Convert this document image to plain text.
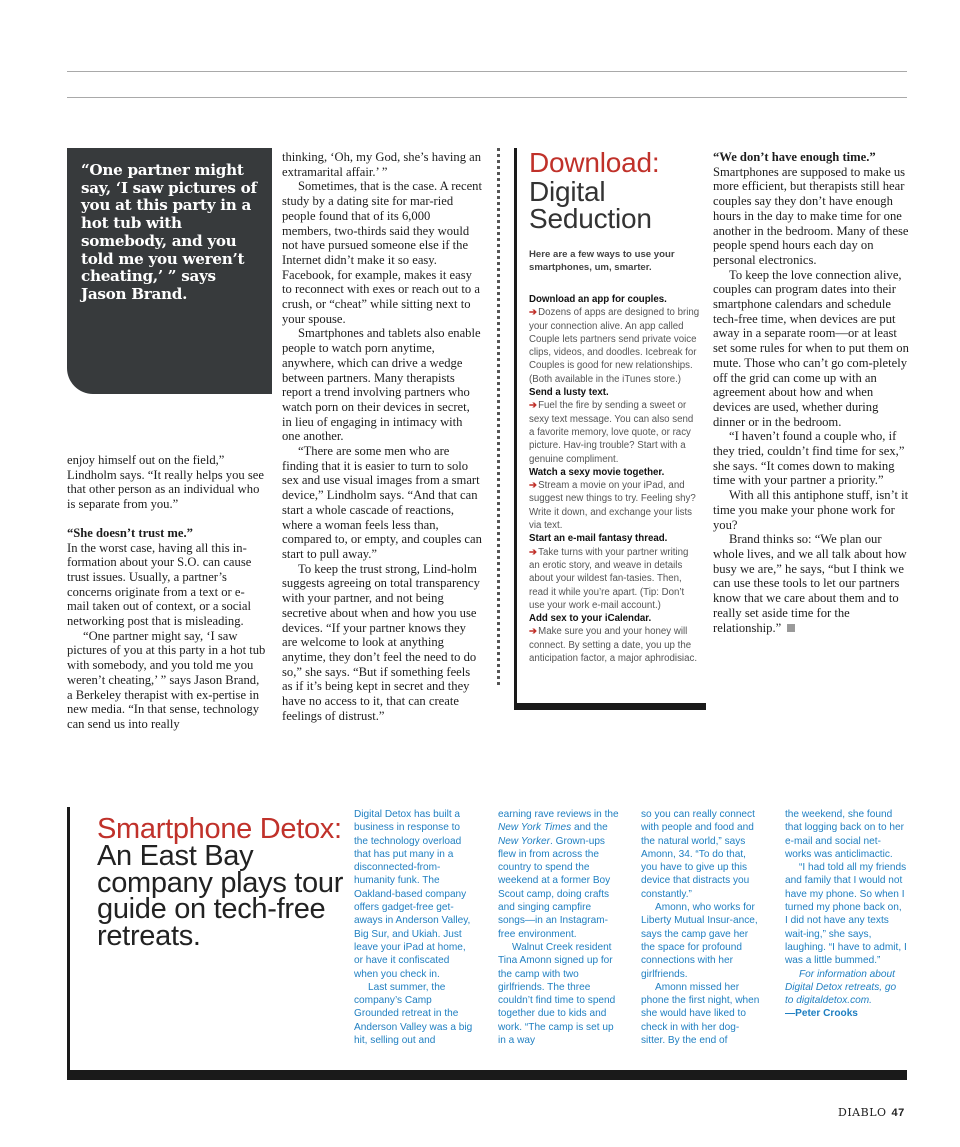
“One partner might say, ‘I saw pictures of you at this party in a hot tub with somebody, and you told me you weren’t cheating,’ ” says Jason Brand.

enjoy himself out on the field,” Lindholm says. “It really helps you see that other person as an individual who is separate from you.”

“She doesn’t trust me.”

In the worst case, having all this in-formation about your S.O. can cause trust issues. Usually, a partner’s concerns originate from a text or e-mail taken out of context, or a social networking post that is misleading.

“One partner might say, ‘I saw pictures of you at this party in a hot tub with somebody, and you told me you weren’t cheating,’ ” says Jason Brand, a Berkeley therapist with ex-pertise in new media. “In that sense, technology can send us into really

thinking, ‘Oh, my God, she’s having an extramarital affair.’ ”

Sometimes, that is the case. A recent study by a dating site for mar-ried people found that of its 6,000 members, two-thirds said they would not have pursued someone else if the Internet didn’t make it so easy. Facebook, for example, makes it easy to reconnect with exes or reach out to a crush, or “cheat” while sitting next to your spouse.

Smartphones and tablets also enable people to watch porn anytime, anywhere, which can drive a wedge between partners. Many therapists report a trend involving partners who watch porn on their devices in secret, in lieu of engaging in intimacy with one another.

“There are some men who are finding that it is easier to turn to solo sex and use visual images from a smart device,” Lindholm says. “And that can start a whole cascade of reactions, where a woman feels less than, compared to, or empty, and couples can start to pull away.”

To keep the trust strong, Lind-holm suggests agreeing on total transparency with your partner, and not being secretive about when and how you use devices. “If your partner knows they are welcome to look at anything anytime, they don’t feel the need to do so,” she says. “But if something feels as if it’s being kept in secret and they have no access to it, that can create feelings of distrust.”

Download:
Digital Seduction
Here are a few ways to use your smartphones, um, smarter.
Download an app for couples.
➔Dozens of apps are designed to bring your connection alive. An app called Couple lets partners send private voice clips, videos, and doodles. Icebreak for Couples is good for new relationships. (Both available in the iTunes store.)
Send a lusty text.
➔Fuel the fire by sending a sweet or sexy text message. You can also send a favorite memory, love quote, or racy picture. Hav-ing trouble? Start with a genuine compliment.
Watch a sexy movie together.
➔Stream a movie on your iPad, and suggest new things to try. Feeling shy? Write it down, and exchange your lists via text.
Start an e-mail fantasy thread.
➔Take turns with your partner writing an erotic story, and weave in details about your wildest fan-tasies. Then, read it while you’re apart. (Tip: Don’t use your work e-mail account.)
Add sex to your iCalendar.
➔Make sure you and your honey will connect. By setting a date, you up the anticipation factor, a major aphrodisiac.
“We don’t have enough time.”

Smartphones are supposed to make us more efficient, but therapists still hear couples say they don’t have enough hours in the day to make time for one another in the bedroom. Many of these people spend hours each day on personal electronics.

To keep the love connection alive, couples can program dates into their smartphone calendars and schedule tech-free time, when devices are put away in a separate room—or at least set some rules for when to put them on mute. Those who can’t go com-pletely off the grid can come up with an agreement about how and when devices are used, whether during dinner or in the bedroom.

“I haven’t found a couple who, if they tried, couldn’t find time for sex,” she says. “It comes down to making time with your partner a priority.”

With all this antiphone stuff, isn’t it time you make your phone work for you?

Brand thinks so: “We plan our whole lives, and we all talk about how busy we are,” he says, “but I think we can use these tools to let our partners know that we care about them and to really set aside time for the relationship.”

Smartphone Detox:
An East Bay company plays tour guide on tech-free retreats.

Digital Detox has built a business in response to the technology overload that has put many in a disconnected-from-humanity funk. The Oakland-based company offers gadget-free get-aways in Anderson Valley, Big Sur, and Ukiah. Just leave your iPad at home, or have it confiscated when you check in.

Last summer, the company’s Camp Grounded retreat in the Anderson Valley was a big hit, selling out and

earning rave reviews in the New York Times and the New Yorker. Grown-ups flew in from across the country to spend the weekend at a former Boy Scout camp, doing crafts and singing campfire songs—in an Instagram-free environment.

Walnut Creek resident Tina Amonn signed up for the camp with two girlfriends. The three couldn’t find time to spend together due to kids and work. “The camp is set up in a way

so you can really connect with people and food and the natural world,” says Amonn, 34. “To do that, you have to give up this device that distracts you constantly.”

Amonn, who works for Liberty Mutual Insur-ance, says the camp gave her the space for profound connections with her girlfriends.

Amonn missed her phone the first night, when she would have liked to check in with her dog-sitter. By the end of

the weekend, she found that logging back on to her e-mail and social net-works was anticlimactic.

“I had told all my friends and family that I would not have my phone. So when I turned my phone back on, I did not have any texts wait-ing,” she says, laughing. “I have to admit, I was a little bummed.”

For information about Digital Detox retreats, go to digitaldetox.com.

—Peter Crooks

DIABLO 47
